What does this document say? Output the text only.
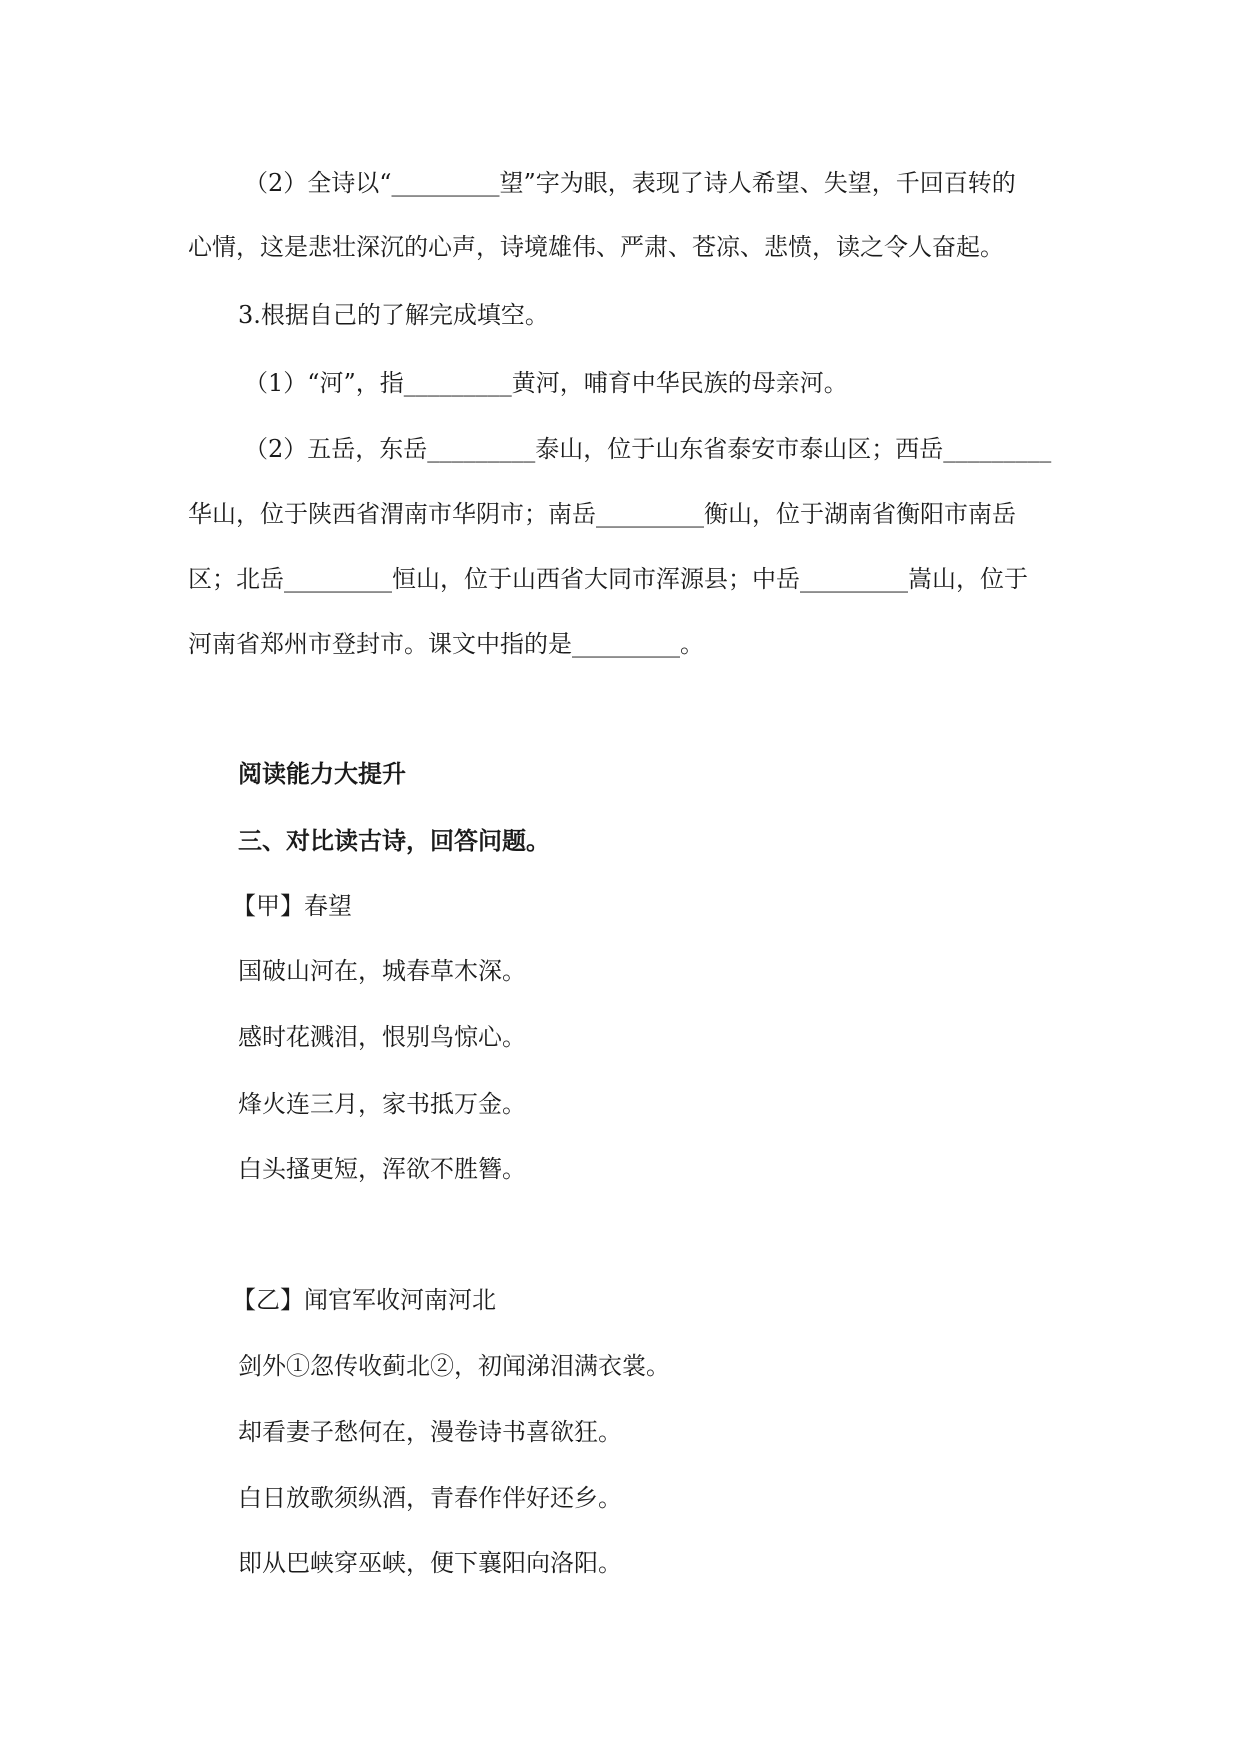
（2）全诗以“_________望”字为眼，表现了诗人希望、失望，千回百转的
心情，这是悲壮深沉的心声，诗境雄伟、严肃、苍凉、悲愤，读之令人奋起。
3.根据自己的了解完成填空。
（1）“河”，指_________黄河，哺育中华民族的母亲河。
（2）五岳，东岳_________泰山，位于山东省泰安市泰山区；西岳_________
华山，位于陕西省渭南市华阴市；南岳_________衡山，位于湖南省衡阳市南岳
区；北岳_________恒山，位于山西省大同市浑源县；中岳_________嵩山，位于
河南省郑州市登封市。课文中指的是_________。
阅读能力大提升
三、对比读古诗，回答问题。
【甲】春望
国破山河在，城春草木深。
感时花溅泪，恨别鸟惊心。
烽火连三月，家书抵万金。
白头搔更短，浑欲不胜簪。
【乙】闻官军收河南河北
剑外①忽传收蓟北②，初闻涕泪满衣裳。
却看妻子愁何在，漫卷诗书喜欲狂。
白日放歌须纵酒，青春作伴好还乡。
即从巴峡穿巫峡，便下襄阳向洛阳。
